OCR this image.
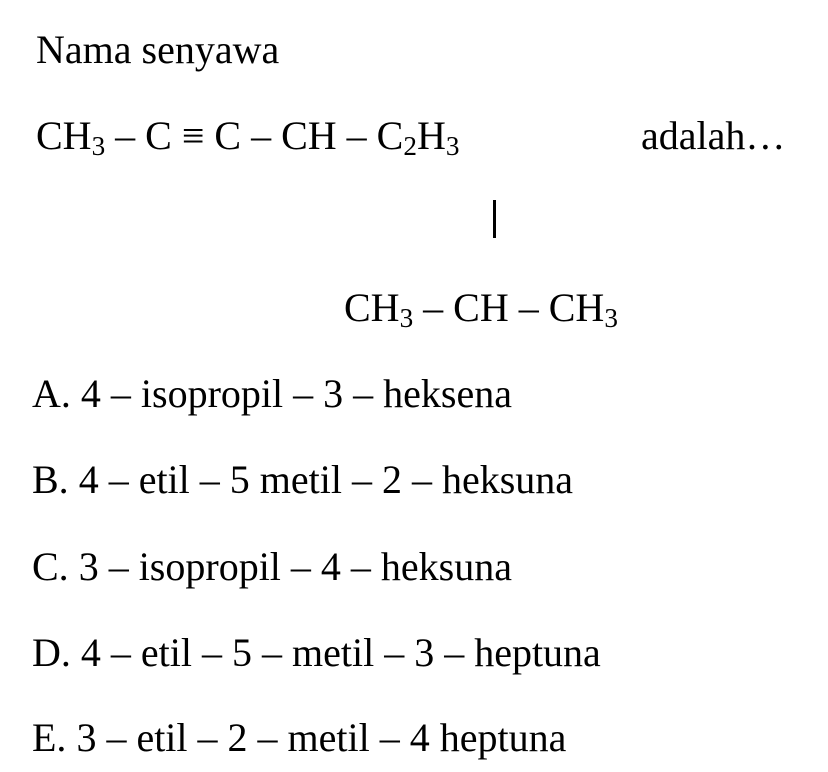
Nama senyawa
$CH_3 - C \equiv C$ – CH – $C_2H_3$	adalah…
$CH_3$ – CH – $CH_3$
A. 4 – isopropil – 3 – heksena
B. 4 – etil – 5 metil – 2 – heksuna
C. 3 – isopropil – 4 – heksuna
D. 4 – etil – 5 – metil – 3 – heptuna
E. 3 – etil – 2 – metil – 4 heptuna
